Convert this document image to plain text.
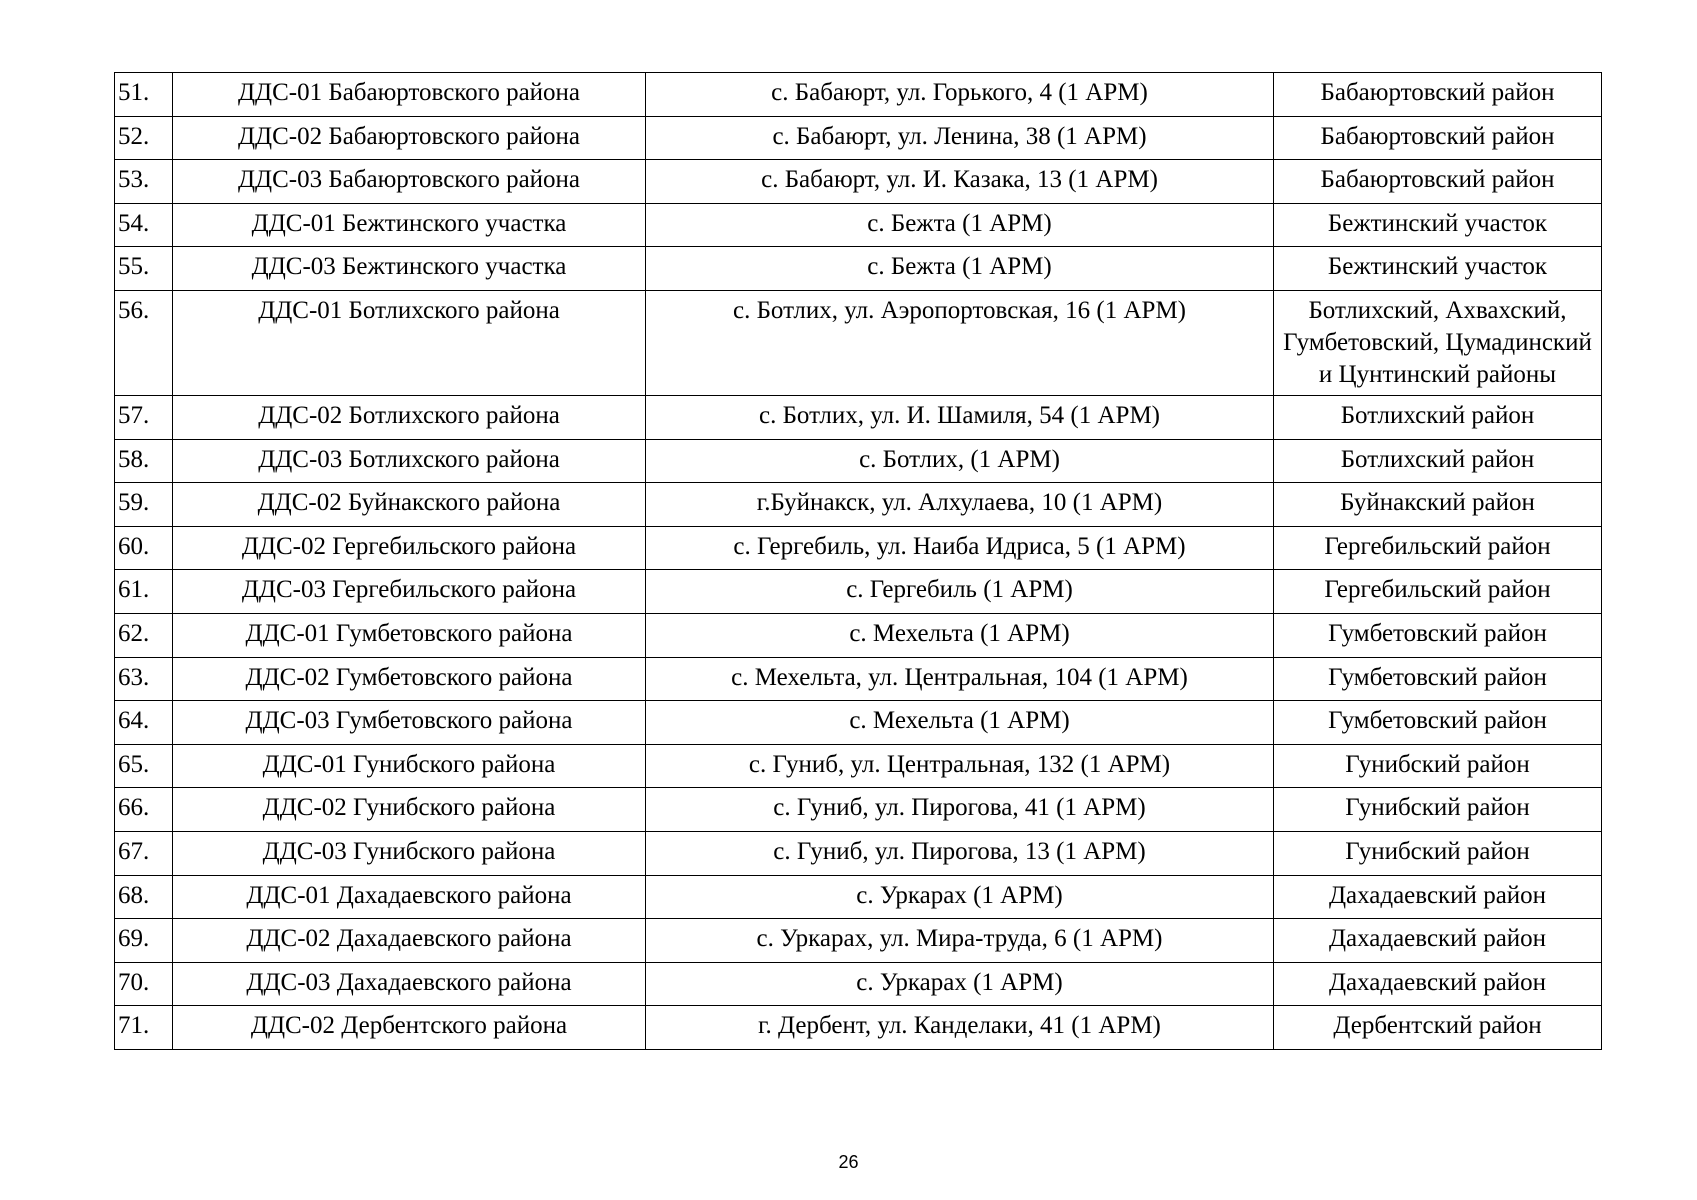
51.	ДДС-01 Бабаюртовского района	с. Бабаюрт, ул. Горького, 4 (1 АРМ)	Бабаюртовский район
52.	ДДС-02 Бабаюртовского района	с. Бабаюрт, ул. Ленина, 38 (1 АРМ)	Бабаюртовский район
53.	ДДС-03 Бабаюртовского района	с. Бабаюрт, ул. И. Казака, 13 (1 АРМ)	Бабаюртовский район
54.	ДДС-01 Бежтинского участка	с. Бежта (1 АРМ)	Бежтинский участок
55.	ДДС-03 Бежтинского участка	с. Бежта (1 АРМ)	Бежтинский участок
56.	ДДС-01 Ботлихского района	с. Ботлих, ул. Аэропортовская, 16 (1 АРМ)	Ботлихский, Ахвахский, Гумбетовский, Цумадинский и Цунтинский районы
57.	ДДС-02 Ботлихского района	с. Ботлих, ул. И. Шамиля, 54 (1 АРМ)	Ботлихский район
58.	ДДС-03 Ботлихского района	с. Ботлих, (1 АРМ)	Ботлихский район
59.	ДДС-02 Буйнакского района	г.Буйнакск, ул. Алхулаева, 10 (1 АРМ)	Буйнакский район
60.	ДДС-02 Гергебильского района	с. Гергебиль, ул. Наиба Идриса, 5 (1 АРМ)	Гергебильский район
61.	ДДС-03 Гергебильского района	с. Гергебиль (1 АРМ)	Гергебильский район
62.	ДДС-01 Гумбетовского района	с. Мехельта (1 АРМ)	Гумбетовский район
63.	ДДС-02 Гумбетовского района	с. Мехельта, ул. Центральная, 104 (1 АРМ)	Гумбетовский район
64.	ДДС-03 Гумбетовского района	с. Мехельта (1 АРМ)	Гумбетовский район
65.	ДДС-01 Гунибского района	с. Гуниб, ул. Центральная, 132 (1 АРМ)	Гунибский район
66.	ДДС-02 Гунибского района	с. Гуниб, ул. Пирогова, 41 (1 АРМ)	Гунибский район
67.	ДДС-03 Гунибского района	с. Гуниб, ул. Пирогова, 13 (1 АРМ)	Гунибский район
68.	ДДС-01 Дахадаевского района	с. Уркарах (1 АРМ)	Дахадаевский район
69.	ДДС-02 Дахадаевского района	с. Уркарах, ул. Мира-труда, 6 (1 АРМ)	Дахадаевский район
70.	ДДС-03 Дахадаевского района	с. Уркарах (1 АРМ)	Дахадаевский район
71.	ДДС-02 Дербентского района	г. Дербент, ул. Канделаки, 41 (1 АРМ)	Дербентский район
26
